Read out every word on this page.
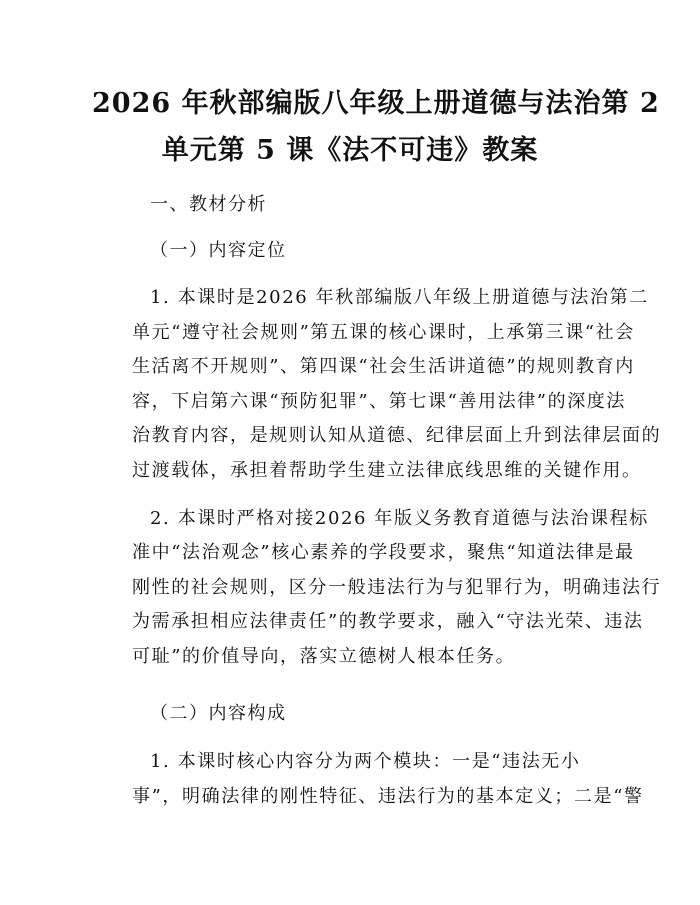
2026 年秋部编版八年级上册道德与法治第 2
单元第 5 课《法不可违》教案
一、教材分析
（一）内容定位
1. 本课时是2026 年秋部编版八年级上册道德与法治第二
单元“遵守社会规则”第五课的核心课时，上承第三课“社会
生活离不开规则”、第四课“社会生活讲道德”的规则教育内
容，下启第六课“预防犯罪”、第七课“善用法律”的深度法
治教育内容，是规则认知从道德、纪律层面上升到法律层面的
过渡载体，承担着帮助学生建立法律底线思维的关键作用。
2. 本课时严格对接2026 年版义务教育道德与法治课程标
准中“法治观念”核心素养的学段要求，聚焦“知道法律是最
刚性的社会规则，区分一般违法行为与犯罪行为，明确违法行
为需承担相应法律责任”的教学要求，融入“守法光荣、违法
可耻”的价值导向，落实立德树人根本任务。
（二）内容构成
1. 本课时核心内容分为两个模块：一是“违法无小
事”，明确法律的刚性特征、违法行为的基本定义；二是“警
